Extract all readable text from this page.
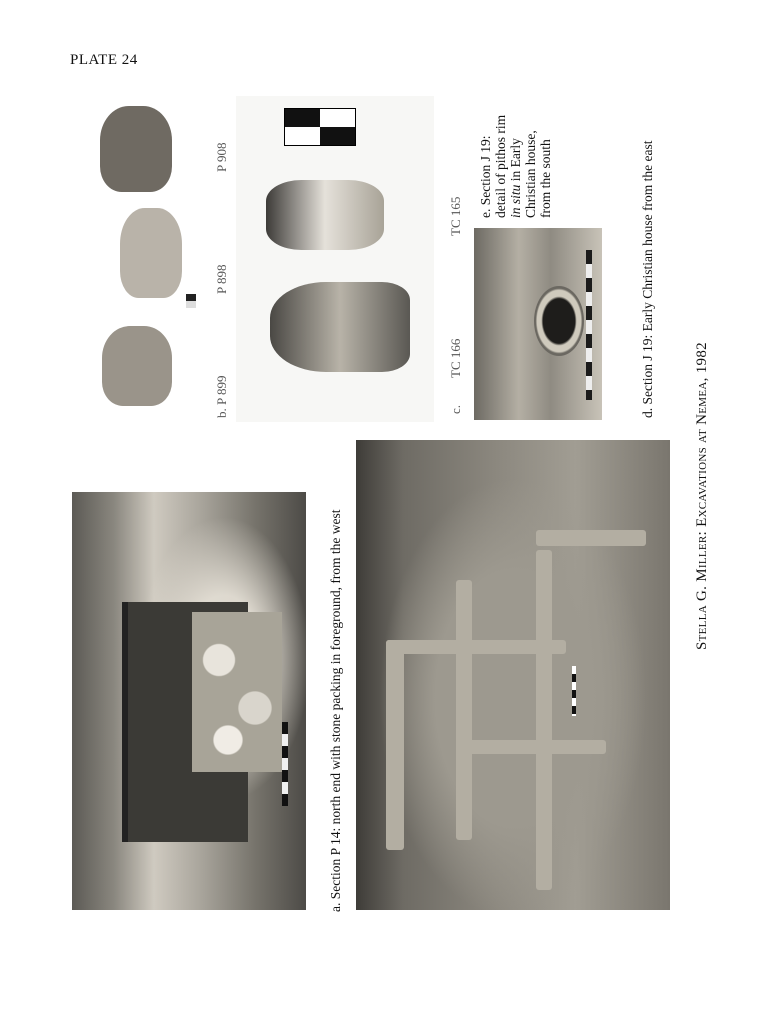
PLATE 24
a. Section P 14: north end with stone packing in foreground, from the west
b. P 899
P 898
P 908
c.
TC 166
TC 165 e. Section J 19: detail of pithos rim in situ in Early Christian house, from the south	d. Section J 19: Early Christian house from the east
Stella G. Miller: Excavations at Nemea, 1982
